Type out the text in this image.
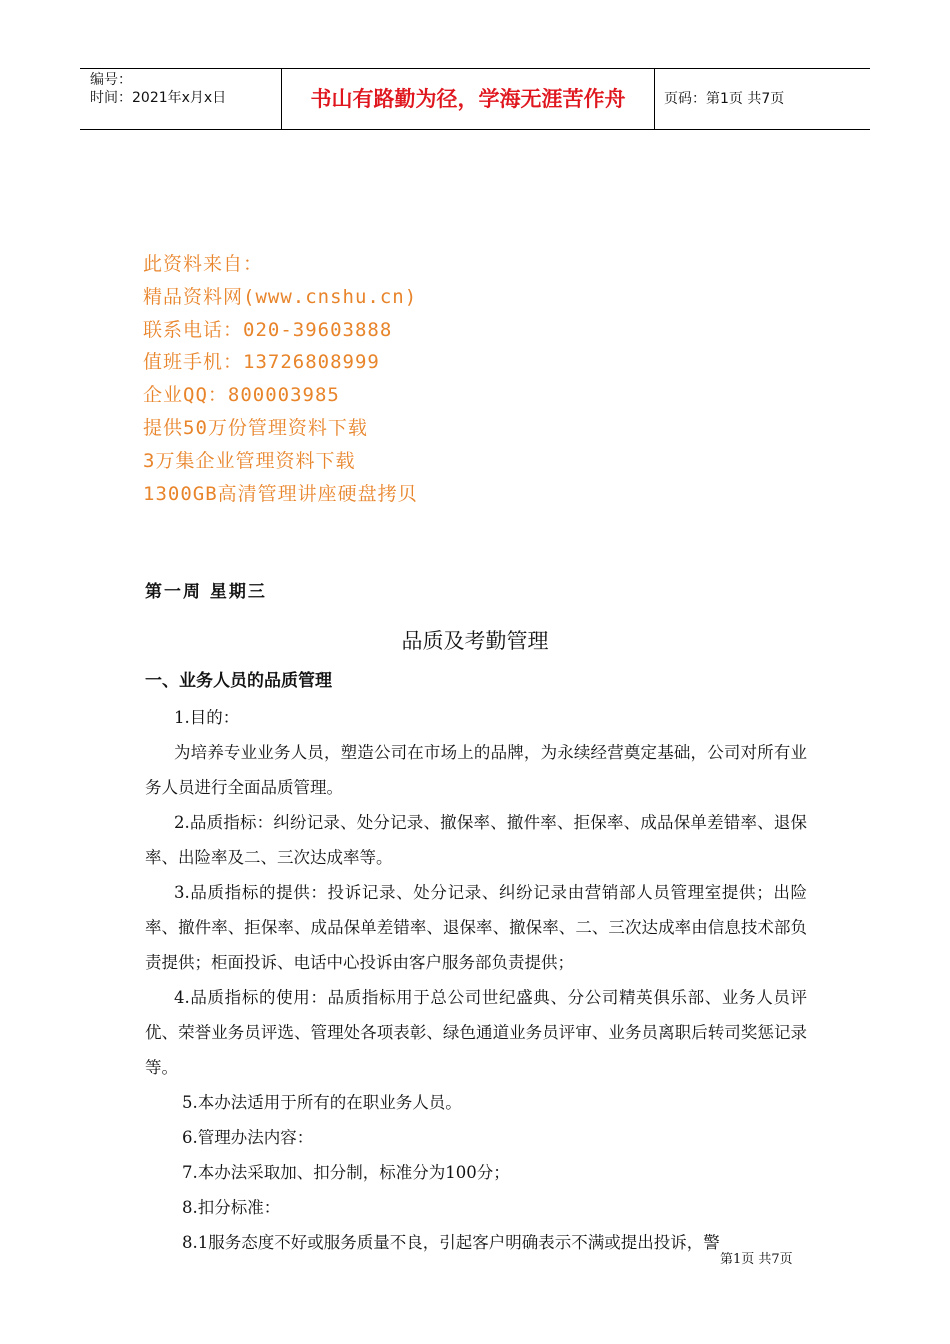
编号：
时间：2021年x月x日	书山有路勤为径，学海无涯苦作舟	页码：第1页 共7页
此资料来自：
精品资料网(www.cnshu.cn)
联系电话：020-39603888
值班手机：13726808999
企业QQ：800003985
提供50万份管理资料下载
3万集企业管理资料下载
1300GB高清管理讲座硬盘拷贝
第一周 星期三
品质及考勤管理
一、业务人员的品质管理

1.目的：

为培养专业业务人员，塑造公司在市场上的品牌，为永续经营奠定基础，公司对所有业务人员进行全面品质管理。

2.品质指标：纠纷记录、处分记录、撤保率、撤件率、拒保率、成品保单差错率、退保率、出险率及二、三次达成率等。

3.品质指标的提供：投诉记录、处分记录、纠纷记录由营销部人员管理室提供；出险率、撤件率、拒保率、成品保单差错率、退保率、撤保率、二、三次达成率由信息技术部负责提供；柜面投诉、电话中心投诉由客户服务部负责提供；

4.品质指标的使用：品质指标用于总公司世纪盛典、分公司精英俱乐部、业务人员评优、荣誉业务员评选、管理处各项表彰、绿色通道业务员评审、业务员离职后转司奖惩记录等。

5.本办法适用于所有的在职业务人员。

6.管理办法内容：

7.本办法采取加、扣分制，标准分为100分；

8.扣分标准：

8.1服务态度不好或服务质量不良，引起客户明确表示不满或提出投诉，警

第1页 共7页
